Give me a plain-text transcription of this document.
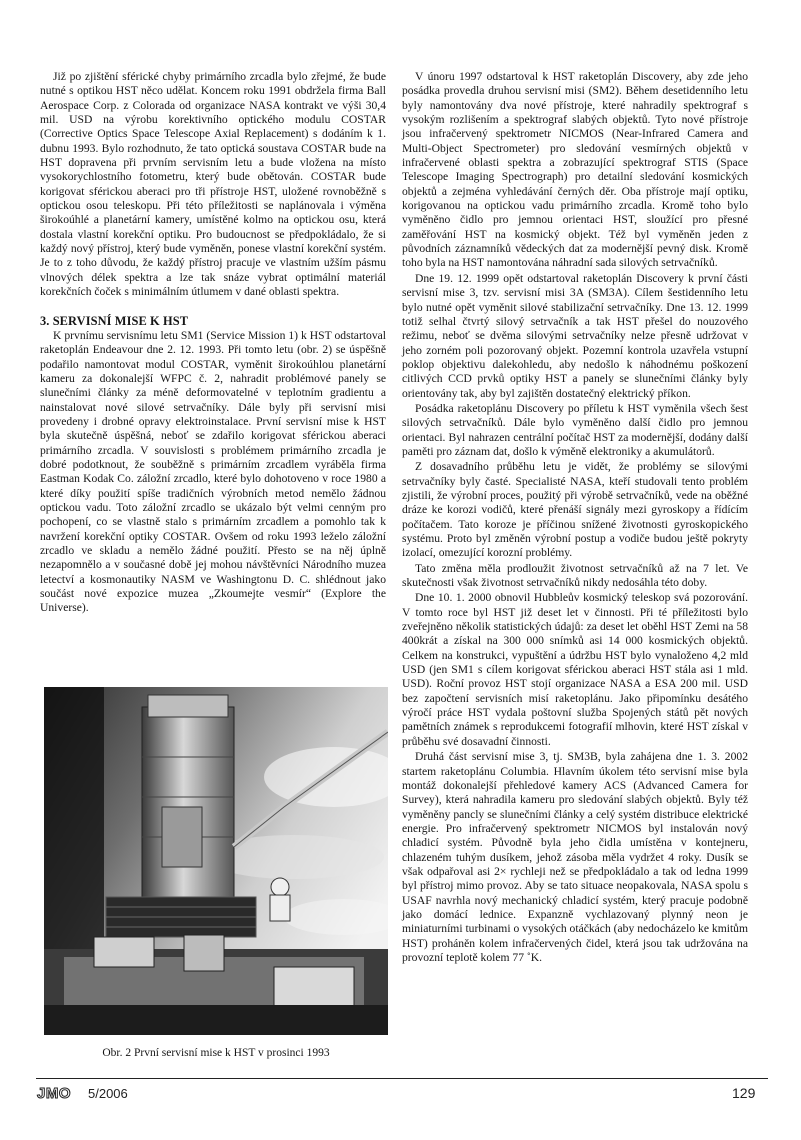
Již po zjištění sférické chyby primárního zrcadla bylo zřejmé, že bude nutné s optikou HST něco udělat. Koncem roku 1991 obdržela firma Ball Aerospace Corp. z Colorada od organizace NASA kontrakt ve výši 30,4 mil. USD na výrobu korektivního optického modulu COSTAR (Corrective Optics Space Telescope Axial Replacement) s dodáním k 1. dubnu 1993. Bylo rozhodnuto, že tato optická soustava COSTAR bude na HST dopravena při prvním servisním letu a bude vložena na místo vysokorychlostního fotometru, který bude obětován. COSTAR bude korigovat sférickou aberaci pro tři přístroje HST, uložené rovnoběžně s optickou osou teleskopu. Při této příležitosti se naplánovala i výměna širokoúhlé a planetární kamery, umístěné kolmo na optickou osu, která dostala vlastní korekční optiku. Pro budoucnost se předpokládalo, že si každý nový přístroj, který bude vyměněn, ponese vlastní korekční systém. Je to z toho důvodu, že každý přístroj pracuje ve vlastním užším pásmu vlnových délek spektra a lze tak snáze vybrat optimální materiál korekčních čoček s minimálním útlumem v dané oblasti spektra.

3. SERVISNÍ MISE K HST

K prvnímu servisnímu letu SM1 (Service Mission 1) k HST odstartoval raketoplán Endeavour dne 2. 12. 1993. Při tomto letu (obr. 2) se úspěšně podařilo namontovat modul COSTAR, vyměnit širokoúhlou planetární kameru za dokonalejší WFPC č. 2, nahradit problémové panely se slunečními články za méně deformovatelné v teplotním gradientu a nainstalovat nové silové setrvačníky. Dále byly při servisní misi provedeny i drobné opravy elektroinstalace. První servisní mise k HST byla skutečně úspěšná, neboť se zdařilo korigovat sférickou aberaci primárního zrcadla. V souvislosti s problémem primárního zrcadla je dobré podotknout, že souběžně s primárním zrcadlem vyráběla firma Eastman Kodak Co. záložní zrcadlo, které bylo dohotoveno v roce 1980 a které díky použití spíše tradičních výrobních metod nemělo žádnou optickou vadu. Toto záložní zrcadlo se ukázalo být velmi cenným pro pochopení, co se vlastně stalo s primárním zrcadlem a pomohlo tak k navržení korekční optiky COSTAR. Ovšem od roku 1993 leželo záložní zrcadlo ve skladu a nemělo žádné použití. Přesto se na něj úplně nezapomnělo a v současné době jej mohou návštěvníci Národního muzea letectví a kosmonautiky NASM ve Washingtonu D. C. shlédnout jako součást nové expozice muzea „Zkoumejte vesmír“ (Explore the Universe).

Obr. 2 První servisní mise k HST v prosinci 1993

V únoru 1997 odstartoval k HST raketoplán Discovery, aby zde jeho posádka provedla druhou servisní misi (SM2). Během desetidenního letu byly namontovány dva nové přístroje, které nahradily spektrograf s vysokým rozlišením a spektrograf slabých objektů. Tyto nové přístroje jsou infračervený spektrometr NICMOS (Near-Infrared Camera and Multi-Object Spectrometer) pro sledování vesmírných objektů v infračervené oblasti spektra a zobrazující spektrograf STIS (Space Telescope Imaging Spectrograph) pro detailní sledování kosmických objektů a zejména vyhledávání černých děr. Oba přístroje mají optiku, korigovanou na optickou vadu primárního zrcadla. Kromě toho bylo vyměněno čidlo pro jemnou orientaci HST, sloužící pro přesné zaměřování HST na kosmický objekt. Též byl vyměněn jeden z původních záznamníků vědeckých dat za modernější pevný disk. Kromě toho byla na HST namontována náhradní sada silových setrvačníků.

Dne 19. 12. 1999 opět odstartoval raketoplán Discovery k první části servisní mise 3, tzv. servisní misi 3A (SM3A). Cílem šestidenního letu bylo nutné opět vyměnit silové stabilizační setrvačníky. Dne 13. 12. 1999 totiž selhal čtvrtý silový setrvačník a tak HST přešel do nouzového režimu, neboť se dvěma silovými setrvačníky nelze přesně udržovat v jeho zorném poli pozorovaný objekt. Pozemní kontrola uzavřela vstupní poklop objektivu dalekohledu, aby nedošlo k náhodnému poškození citlivých CCD prvků optiky HST a panely se slunečními články byly orientovány tak, aby byl zajištěn dostatečný elektrický příkon.

Posádka raketoplánu Discovery po příletu k HST vyměnila všech šest silových setrvačníků. Dále bylo vyměněno další čidlo pro jemnou orientaci. Byl nahrazen centrální počítač HST za modernější, dodány další paměti pro záznam dat, došlo k výměně elektroniky a akumulátorů.

Z dosavadního průběhu letu je vidět, že problémy se silovými setrvačníky byly časté. Specialisté NASA, kteří studovali tento problém zjistili, že výrobní proces, použitý při výrobě setrvačníků, vede na oběžné dráze ke korozi vodičů, které přenáší signály mezi gyroskopy a řídícím počítačem. Tato koroze je příčinou snížené životnosti gyroskopického systému. Proto byl změněn výrobní postup a vodiče budou ještě pokryty izolací, omezující korozní problémy.

Tato změna měla prodloužit životnost setrvačníků až na 7 let. Ve skutečnosti však životnost setrvačníků nikdy nedosáhla této doby.

Dne 10. 1. 2000 obnovil Hubbleův kosmický teleskop svá pozorování. V tomto roce byl HST již deset let v činnosti. Při té příležitosti bylo zveřejněno několik statistických údajů: za deset let oběhl HST Zemi na 58 400krát a získal na 300 000 snímků asi 14 000 kosmických objektů. Celkem na konstrukci, vypuštění a údržbu HST bylo vynaloženo 4,2 mld USD (jen SM1 s cílem korigovat sférickou aberaci HST stála asi 1 mld. USD). Roční provoz HST stojí organizace NASA a ESA 200 mil. USD bez započtení servisních misí raketoplánu. Jako připomínku desátého výročí práce HST vydala poštovní služba Spojených států pět nových pamětních známek s reprodukcemi fotografií mlhovin, které HST získal v průběhu své dosavadní činnosti.

Druhá část servisní mise 3, tj. SM3B, byla zahájena dne 1. 3. 2002 startem raketoplánu Columbia. Hlavním úkolem této servisní mise byla montáž dokonalejší přehledové kamery ACS (Advanced Camera for Survey), která nahradila kameru pro sledování slabých objektů. Byly též vyměněny pancly se slunečními články a celý systém distribuce elektrické energie. Pro infračervený spektrometr NICMOS byl instalován nový chladicí systém. Původně byla jeho čidla umístěna v kontejneru, chlazeném tuhým dusíkem, jehož zásoba měla vydržet 4 roky. Dusík se však odpařoval asi 2× rychleji než se předpokládalo a tak od ledna 1999 byl přístroj mimo provoz. Aby se tato situace neopakovala, NASA spolu s USAF navrhla nový mechanický chladicí systém, který pracuje podobně jako domácí lednice. Expanzně vychlazovaný plynný neon je miniaturními turbinami o vysokých otáčkách (aby nedocházelo ke kmitům HST) proháněn kolem infračervených čidel, která jsou tak udržována na provozní teplotě kolem 77 ˚K.

JMO 5/2006	129
